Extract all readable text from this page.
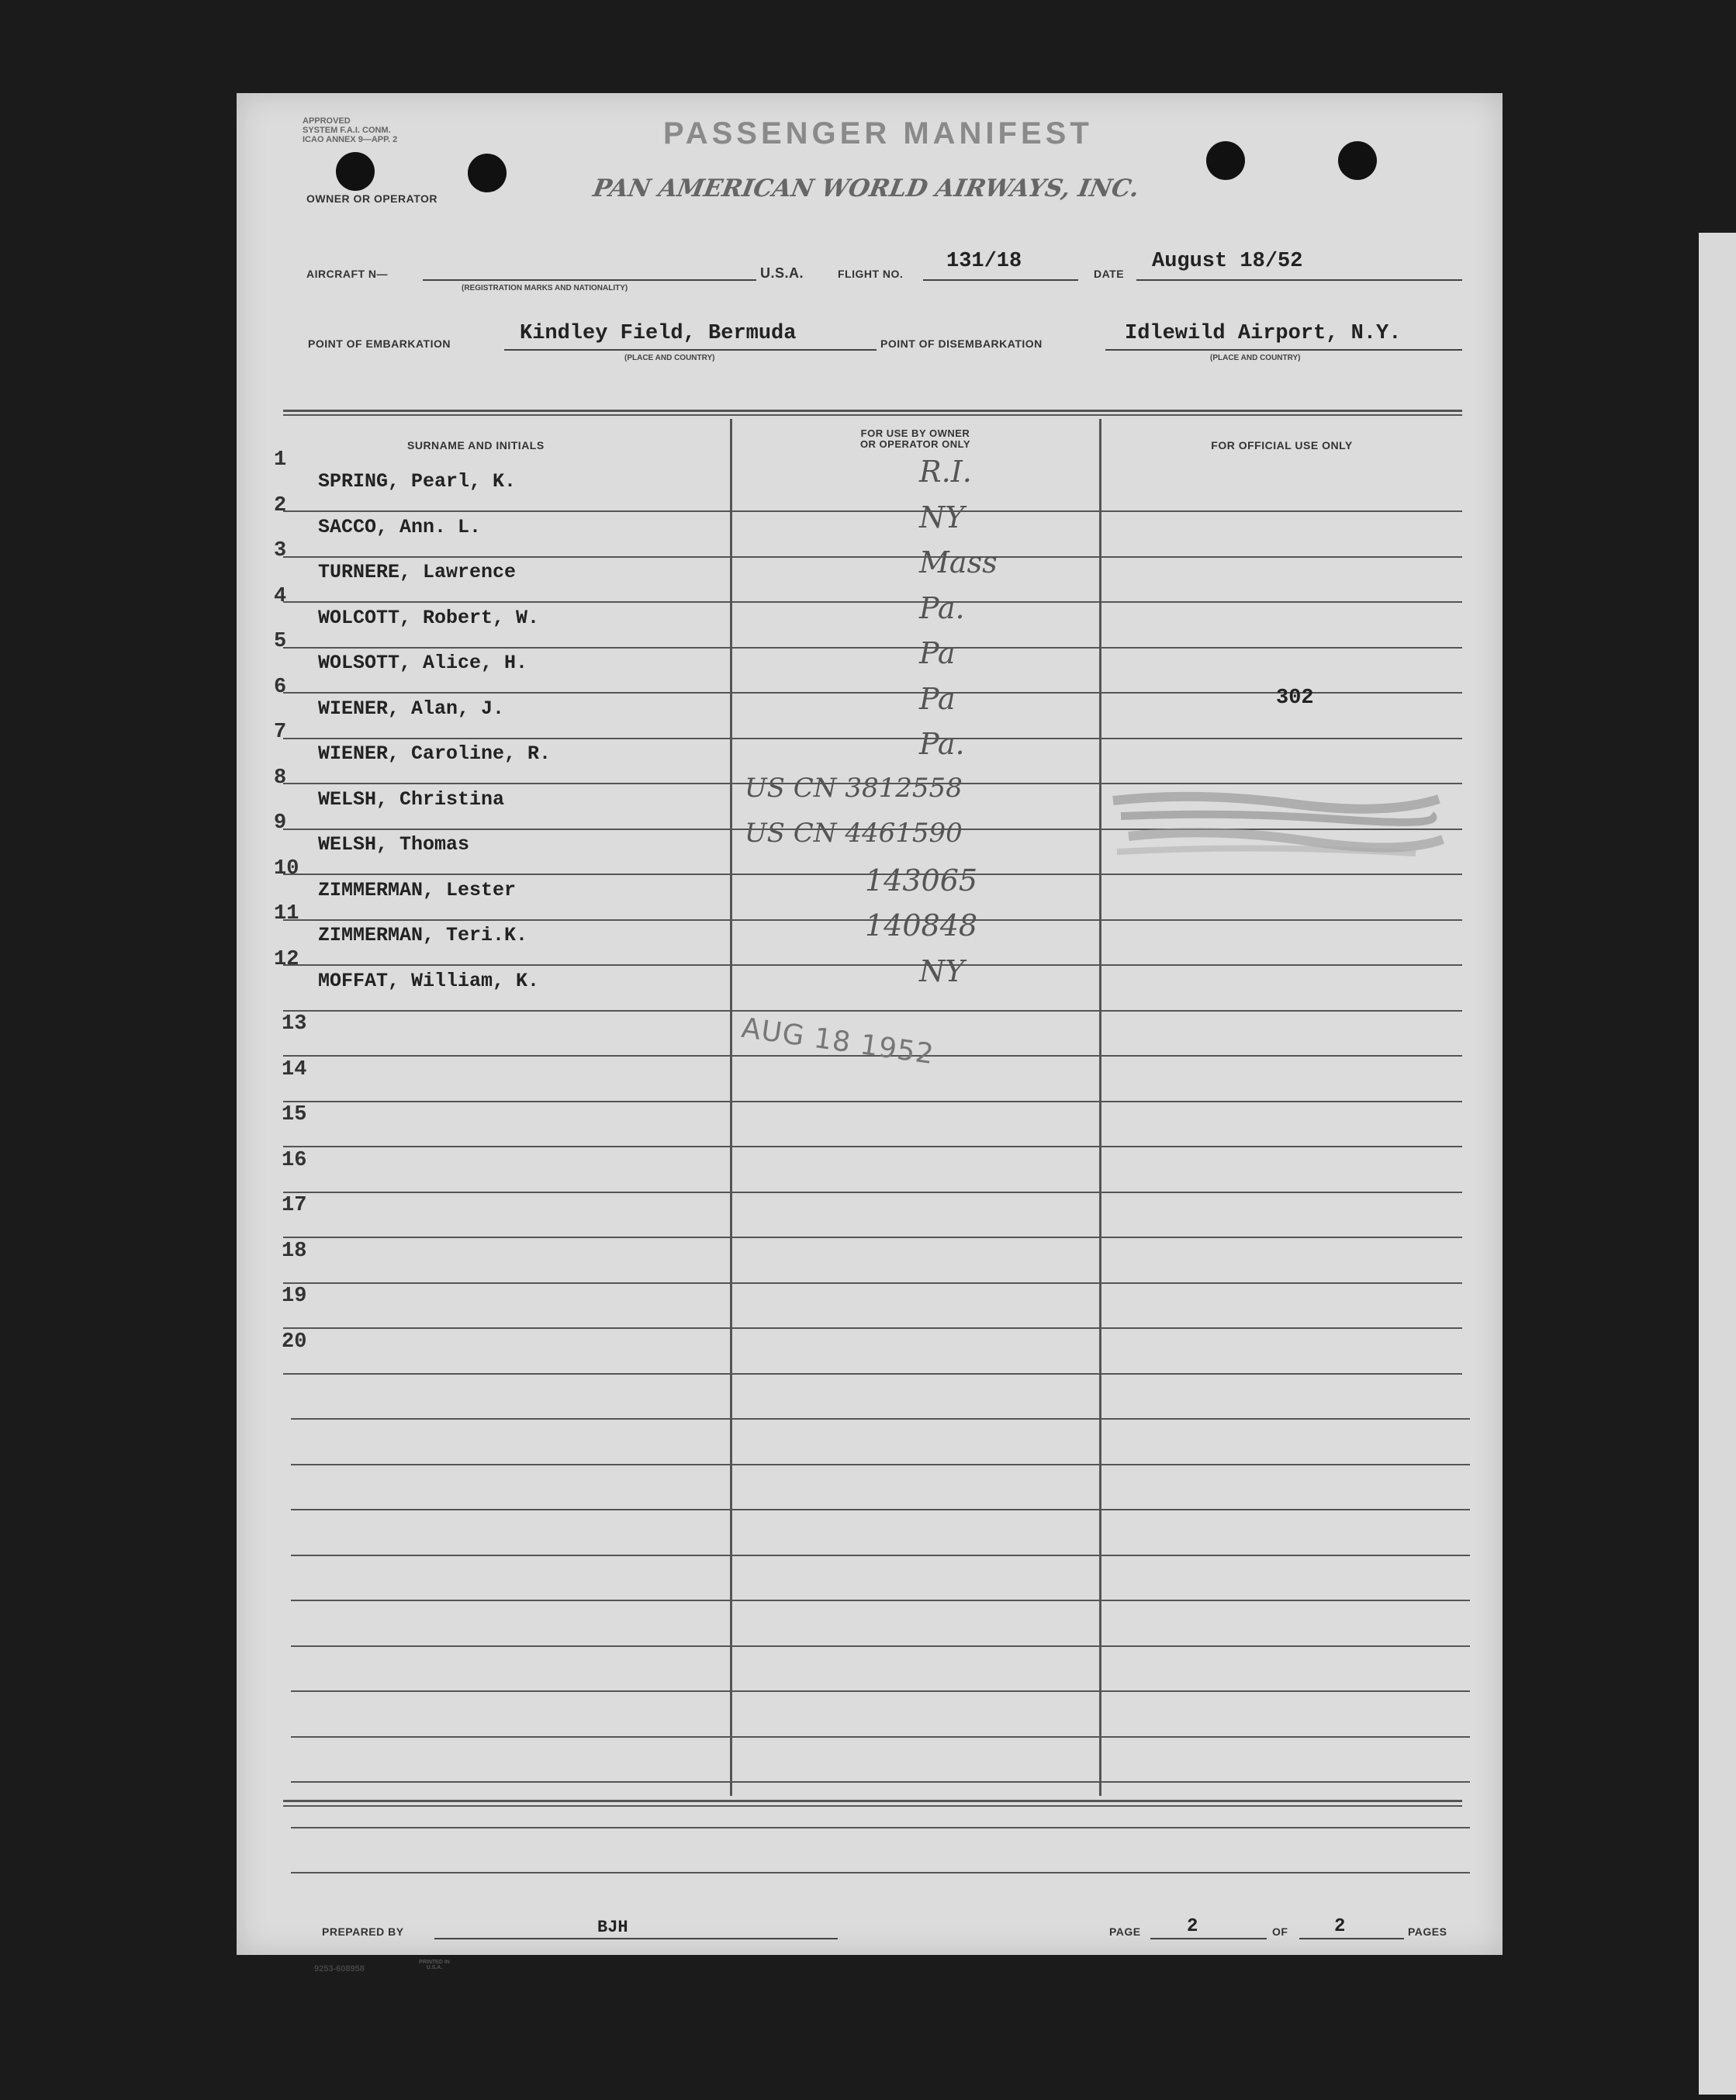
APPROVED
SYSTEM F.A.I. CONM.
ICAO ANNEX 9—APP. 2
OWNER OR OPERATOR
PASSENGER MANIFEST
PAN AMERICAN WORLD AIRWAYS, INC.
AIRCRAFT N—
(REGISTRATION MARKS AND NATIONALITY)
U.S.A.	FLIGHT NO.
131/18
DATE
August 18/52
POINT OF EMBARKATION	Kindley Field, Bermuda
(PLACE AND COUNTRY)
POINT OF DISEMBARKATION	Idlewild Airport, N.Y.
(PLACE AND COUNTRY)
SURNAME AND INITIALS
FOR USE BY OWNER
OR OPERATOR ONLY	FOR OFFICIAL USE ONLY
1
SPRING, Pearl, K.	R.I.
2
SACCO, Ann. L.	NY
3
TURNERE, Lawrence	Mass
4
WOLCOTT, Robert, W.	Pa.
5
WOLSOTT, Alice, H.	Pa
6
WIENER, Alan, J.	Pa	302
7
WIENER, Caroline, R.	Pa.
8
WELSH, Christina	US CN 3812558
9
WELSH, Thomas	US CN 4461590
10
ZIMMERMAN, Lester	143065
11
ZIMMERMAN, Teri.K.	140848
12
MOFFAT, William, K.	NY
13
14
15
16
17
18
19
20
AUG 18 1952
PREPARED BY	BJH	PAGE 2	OF 2	PAGES
9253-608958
PRINTED IN U.S.A.
